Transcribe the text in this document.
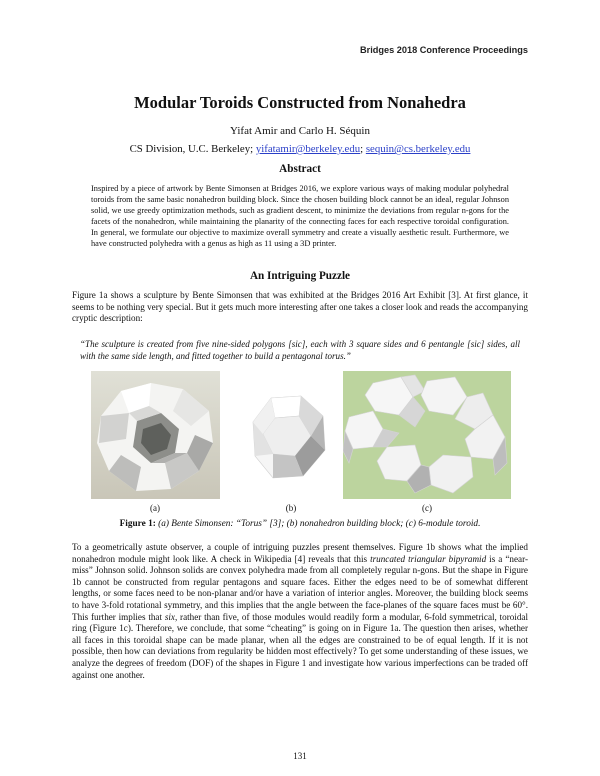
Bridges 2018 Conference Proceedings
Modular Toroids Constructed from Nonahedra
Yifat Amir and Carlo H. Séquin
CS Division, U.C. Berkeley; yifatamir@berkeley.edu; sequin@cs.berkeley.edu
Abstract

Inspired by a piece of artwork by Bente Simonsen at Bridges 2016, we explore various ways of making modular polyhedral toroids from the same basic nonahedron building block. Since the chosen building block cannot be an ideal, regular Johnson solid, we use greedy optimization methods, such as gradient descent, to minimize the deviations from regular n-gons for the facets of the nonahedron, while maintaining the planarity of the connecting faces for each respective toroidal configuration. In general, we formulate our objective to maximize overall symmetry and create a visually aesthetic result. Furthermore, we have constructed polyhedra with a genus as high as 11 using a 3D printer.

An Intriguing Puzzle

Figure 1a shows a sculpture by Bente Simonsen that was exhibited at the Bridges 2016 Art Exhibit [3]. At first glance, it seems to be nothing very special. But it gets much more interesting after one takes a closer look and reads the accompanying cryptic description:

“The sculpture is created from five nine-sided polygons [sic], each with 3 square sides and 6 pentangle [sic] sides, all with the same side length, and fitted together to build a pentagonal torus.”

(a)	(b)	(c)
Figure 1: (a) Bente Simonsen: “Torus” [3]; (b) nonahedron building block; (c) 6-module toroid.

To a geometrically astute observer, a couple of intriguing puzzles present themselves. Figure 1b shows what the implied nonahedron module might look like. A check in Wikipedia [4] reveals that this truncated triangular bipyramid is a “near-miss” Johnson solid. Johnson solids are convex polyhedra made from all completely regular n-gons. But the shape in Figure 1b cannot be constructed from regular pentagons and square faces. Either the edges need to be of somewhat different lengths, or some faces need to be non-planar and/or have a variation of interior angles. Moreover, the building block seems to have 3-fold rotational symmetry, and this implies that the angle between the face-planes of the square faces must be 60°. This further implies that six, rather than five, of those modules would readily form a modular, 6-fold symmetrical, toroidal ring (Figure 1c). Therefore, we conclude, that some “cheating” is going on in Figure 1a. The question then arises, whether all faces in this toroidal shape can be made planar, when all the edges are constrained to be of equal length. If it is not possible, then how can deviations from regularity be hidden most effectively? To get some understanding of these issues, we analyze the degrees of freedom (DOF) of the shapes in Figure 1 and investigate how various imperfections can be traded off against one another.

131
